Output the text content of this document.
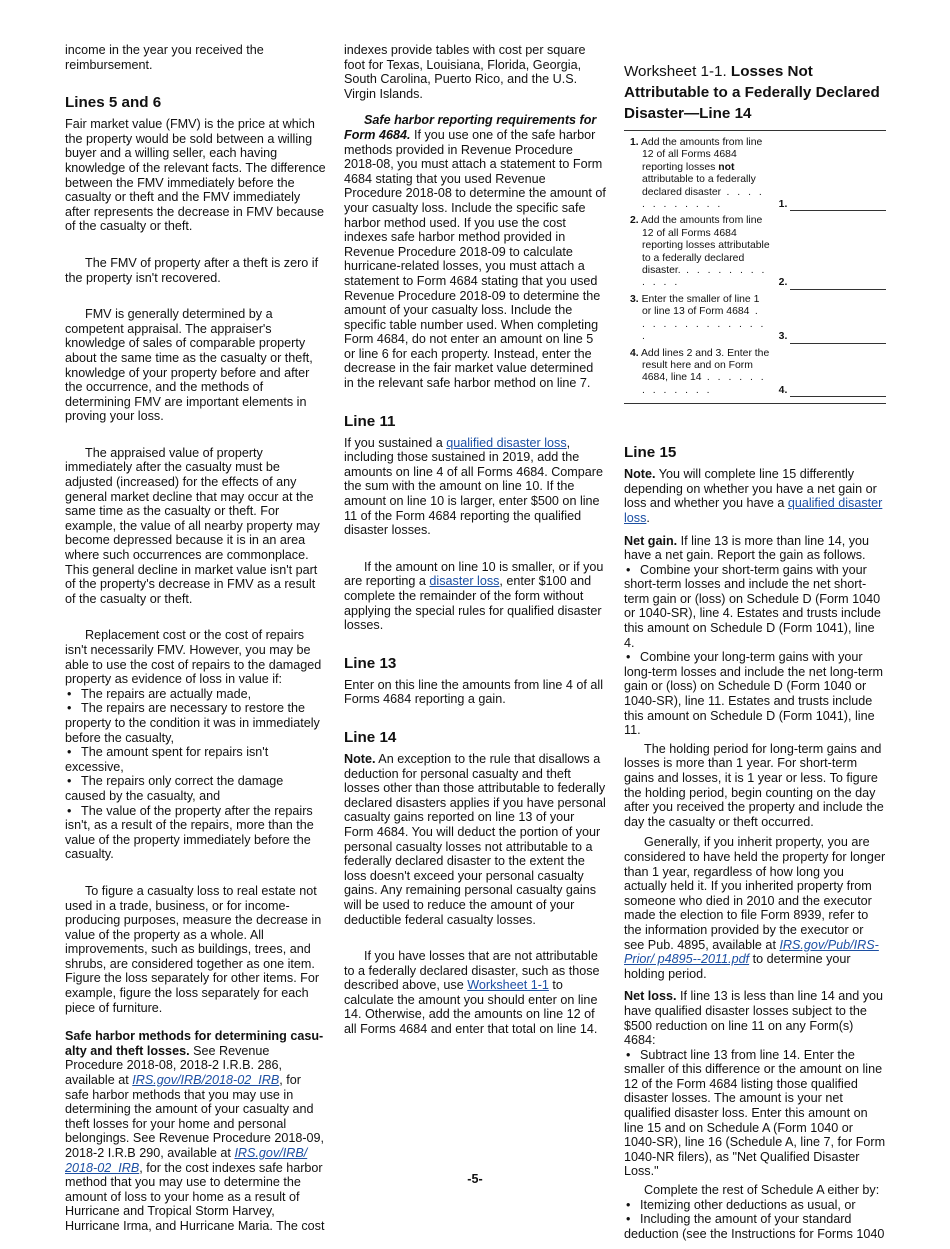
income in the year you received the reimbursement.

Lines 5 and 6

Fair market value (FMV) is the price at which the property would be sold between a willing buyer and a willing seller, each having knowledge of the relevant facts. The difference between the FMV immediately before the casualty or theft and the FMV immediately after represents the decrease in FMV because of the casualty or theft.

The FMV of property after a theft is zero if the property isn't recovered.

FMV is generally determined by a competent appraisal. The appraiser's knowledge of sales of comparable property about the same time as the casualty or theft, knowledge of your property before and after the occurrence, and the methods of determining FMV are important elements in proving your loss.

The appraised value of property immediately after the casualty must be adjusted (increased) for the effects of any general market decline that may occur at the same time as the casualty or theft. For example, the value of all nearby property may become depressed because it is in an area where such occurrences are commonplace. This general decline in market value isn't part of the property's decrease in FMV as a result of the casualty or theft.

Replacement cost or the cost of repairs isn't necessarily FMV. However, you may be able to use the cost of repairs to the damaged property as evidence of loss in value if:

• The repairs are actually made,
• The repairs are necessary to restore the property to the condition it was in immediately before the casualty,
• The amount spent for repairs isn't excessive,
• The repairs only correct the damage caused by the casualty, and
• The value of the property after the repairs isn't, as a result of the repairs, more than the value of the property immediately before the casualty.

To figure a casualty loss to real estate not used in a trade, business, or for income-producing purposes, measure the decrease in value of the property as a whole. All improvements, such as buildings, trees, and shrubs, are considered together as one item. Figure the loss separately for other items. For example, figure the loss separately for each piece of furniture.

Safe harbor methods for determining casu- alty and theft losses. See Revenue Procedure 2018-08, 2018-2 I.R.B. 286, available at IRS.gov/IRB/2018-02_IRB, for safe harbor methods that you may use in determining the amount of your casualty and theft losses for your home and personal belongings. See Revenue Procedure 2018-09, 2018-2 I.R.B 290, available at IRS.gov/IRB/ 2018-02_IRB, for the cost indexes safe harbor method that you may use to determine the amount of loss to your home as a result of Hurricane and Tropical Storm Harvey, Hurricane Irma, and Hurricane Maria. The cost

indexes provide tables with cost per square foot for Texas, Louisiana, Florida, Georgia, South Carolina, Puerto Rico, and the U.S. Virgin Islands.

Safe harbor reporting requirements for Form 4684. If you use one of the safe harbor methods provided in Revenue Procedure 2018-08, you must attach a statement to Form 4684 stating that you used Revenue Procedure 2018-08 to determine the amount of your casualty loss. Include the specific safe harbor method used. If you use the cost indexes safe harbor method provided in Revenue Procedure 2018-09 to calculate hurricane-related losses, you must attach a statement to Form 4684 stating that you used Revenue Procedure 2018-09 to determine the amount of your casualty loss. Include the specific table number used. When completing Form 4684, do not enter an amount on line 5 or line 6 for each property. Instead, enter the decrease in the fair market value determined in the relevant safe harbor method on line 7.

Line 11

If you sustained a qualified disaster loss, including those sustained in 2019, add the amounts on line 4 of all Forms 4684. Compare the sum with the amount on line 10. If the amount on line 10 is larger, enter $500 on line 11 of the Form 4684 reporting the qualified disaster losses.

If the amount on line 10 is smaller, or if you are reporting a disaster loss, enter $100 and complete the remainder of the form without applying the special rules for qualified disaster losses.

Line 13

Enter on this line the amounts from line 4 of all Forms 4684 reporting a gain.

Line 14

Note. An exception to the rule that disallows a deduction for personal casualty and theft losses other than those attributable to federally declared disasters applies if you have personal casualty gains reported on line 13 of your Form 4684. You will deduct the portion of your personal casualty losses not attributable to a federally declared disaster to the extent the loss doesn't exceed your personal casualty gains. Any remaining personal casualty gains will be used to reduce the amount of your deductible federal casualty losses.

If you have losses that are not attributable to a federally declared disaster, such as those described above, use Worksheet 1-1 to calculate the amount you should enter on line 14. Otherwise, add the amounts on line 12 of all Forms 4684 and enter that total on line 14.

Worksheet 1-1. Losses Not Attributable to a Federally Declared Disaster—Line 14
1. Add the amounts from line 12 of all Forms 4684 reporting losses not attributable to a federally declared disaster . . . . . . . . . . . .	1.
2. Add the amounts from line 12 of all Forms 4684 reporting losses attributable to a federally declared disaster. . . . . . . . . . . . .	2.
3. Enter the smaller of line 1 or line 13 of Form 4684 . . . . . . . . . . . . . .	3.
4. Add lines 2 and 3. Enter the result here and on Form 4684, line 14 . . . . . . . . . . . . .	4.
Line 15

Note. You will complete line 15 differently depending on whether you have a net gain or loss and whether you have a qualified disaster loss.

Net gain. If line 13 is more than line 14, you have a net gain. Report the gain as follows.

• Combine your short-term gains with your short-term losses and include the net short-term gain or (loss) on Schedule D (Form 1040 or 1040-SR), line 4. Estates and trusts include this amount on Schedule D (Form 1041), line 4.
• Combine your long-term gains with your long-term losses and include the net long-term gain or (loss) on Schedule D (Form 1040 or 1040-SR), line 11. Estates and trusts include this amount on Schedule D (Form 1041), line 11.

The holding period for long-term gains and losses is more than 1 year. For short-term gains and losses, it is 1 year or less. To figure the holding period, begin counting on the day after you received the property and include the day the casualty or theft occurred.

Generally, if you inherit property, you are considered to have held the property for longer than 1 year, regardless of how long you actually held it. If you inherited property from someone who died in 2010 and the executor made the election to file Form 8939, refer to the information provided by the executor or see Pub. 4895, available at IRS.gov/Pub/IRS-Prior/ p4895--2011.pdf to determine your holding period.

Net loss. If line 13 is less than line 14 and you have qualified disaster losses subject to the $500 reduction on line 11 on any Form(s) 4684:

• Subtract line 13 from line 14. Enter the smaller of this difference or the amount on line 12 of the Form 4684 listing those qualified disaster losses. The amount is your net qualified disaster loss. Enter this amount on line 15 and on Schedule A (Form 1040 or 1040-SR), line 16 (Schedule A, line 7, for Form 1040-NR filers), as "Net Qualified Disaster Loss."

Complete the rest of Schedule A either by:

• Itemizing other deductions as usual, or
• Including the amount of your standard deduction (see the Instructions for Forms 1040
-5-
